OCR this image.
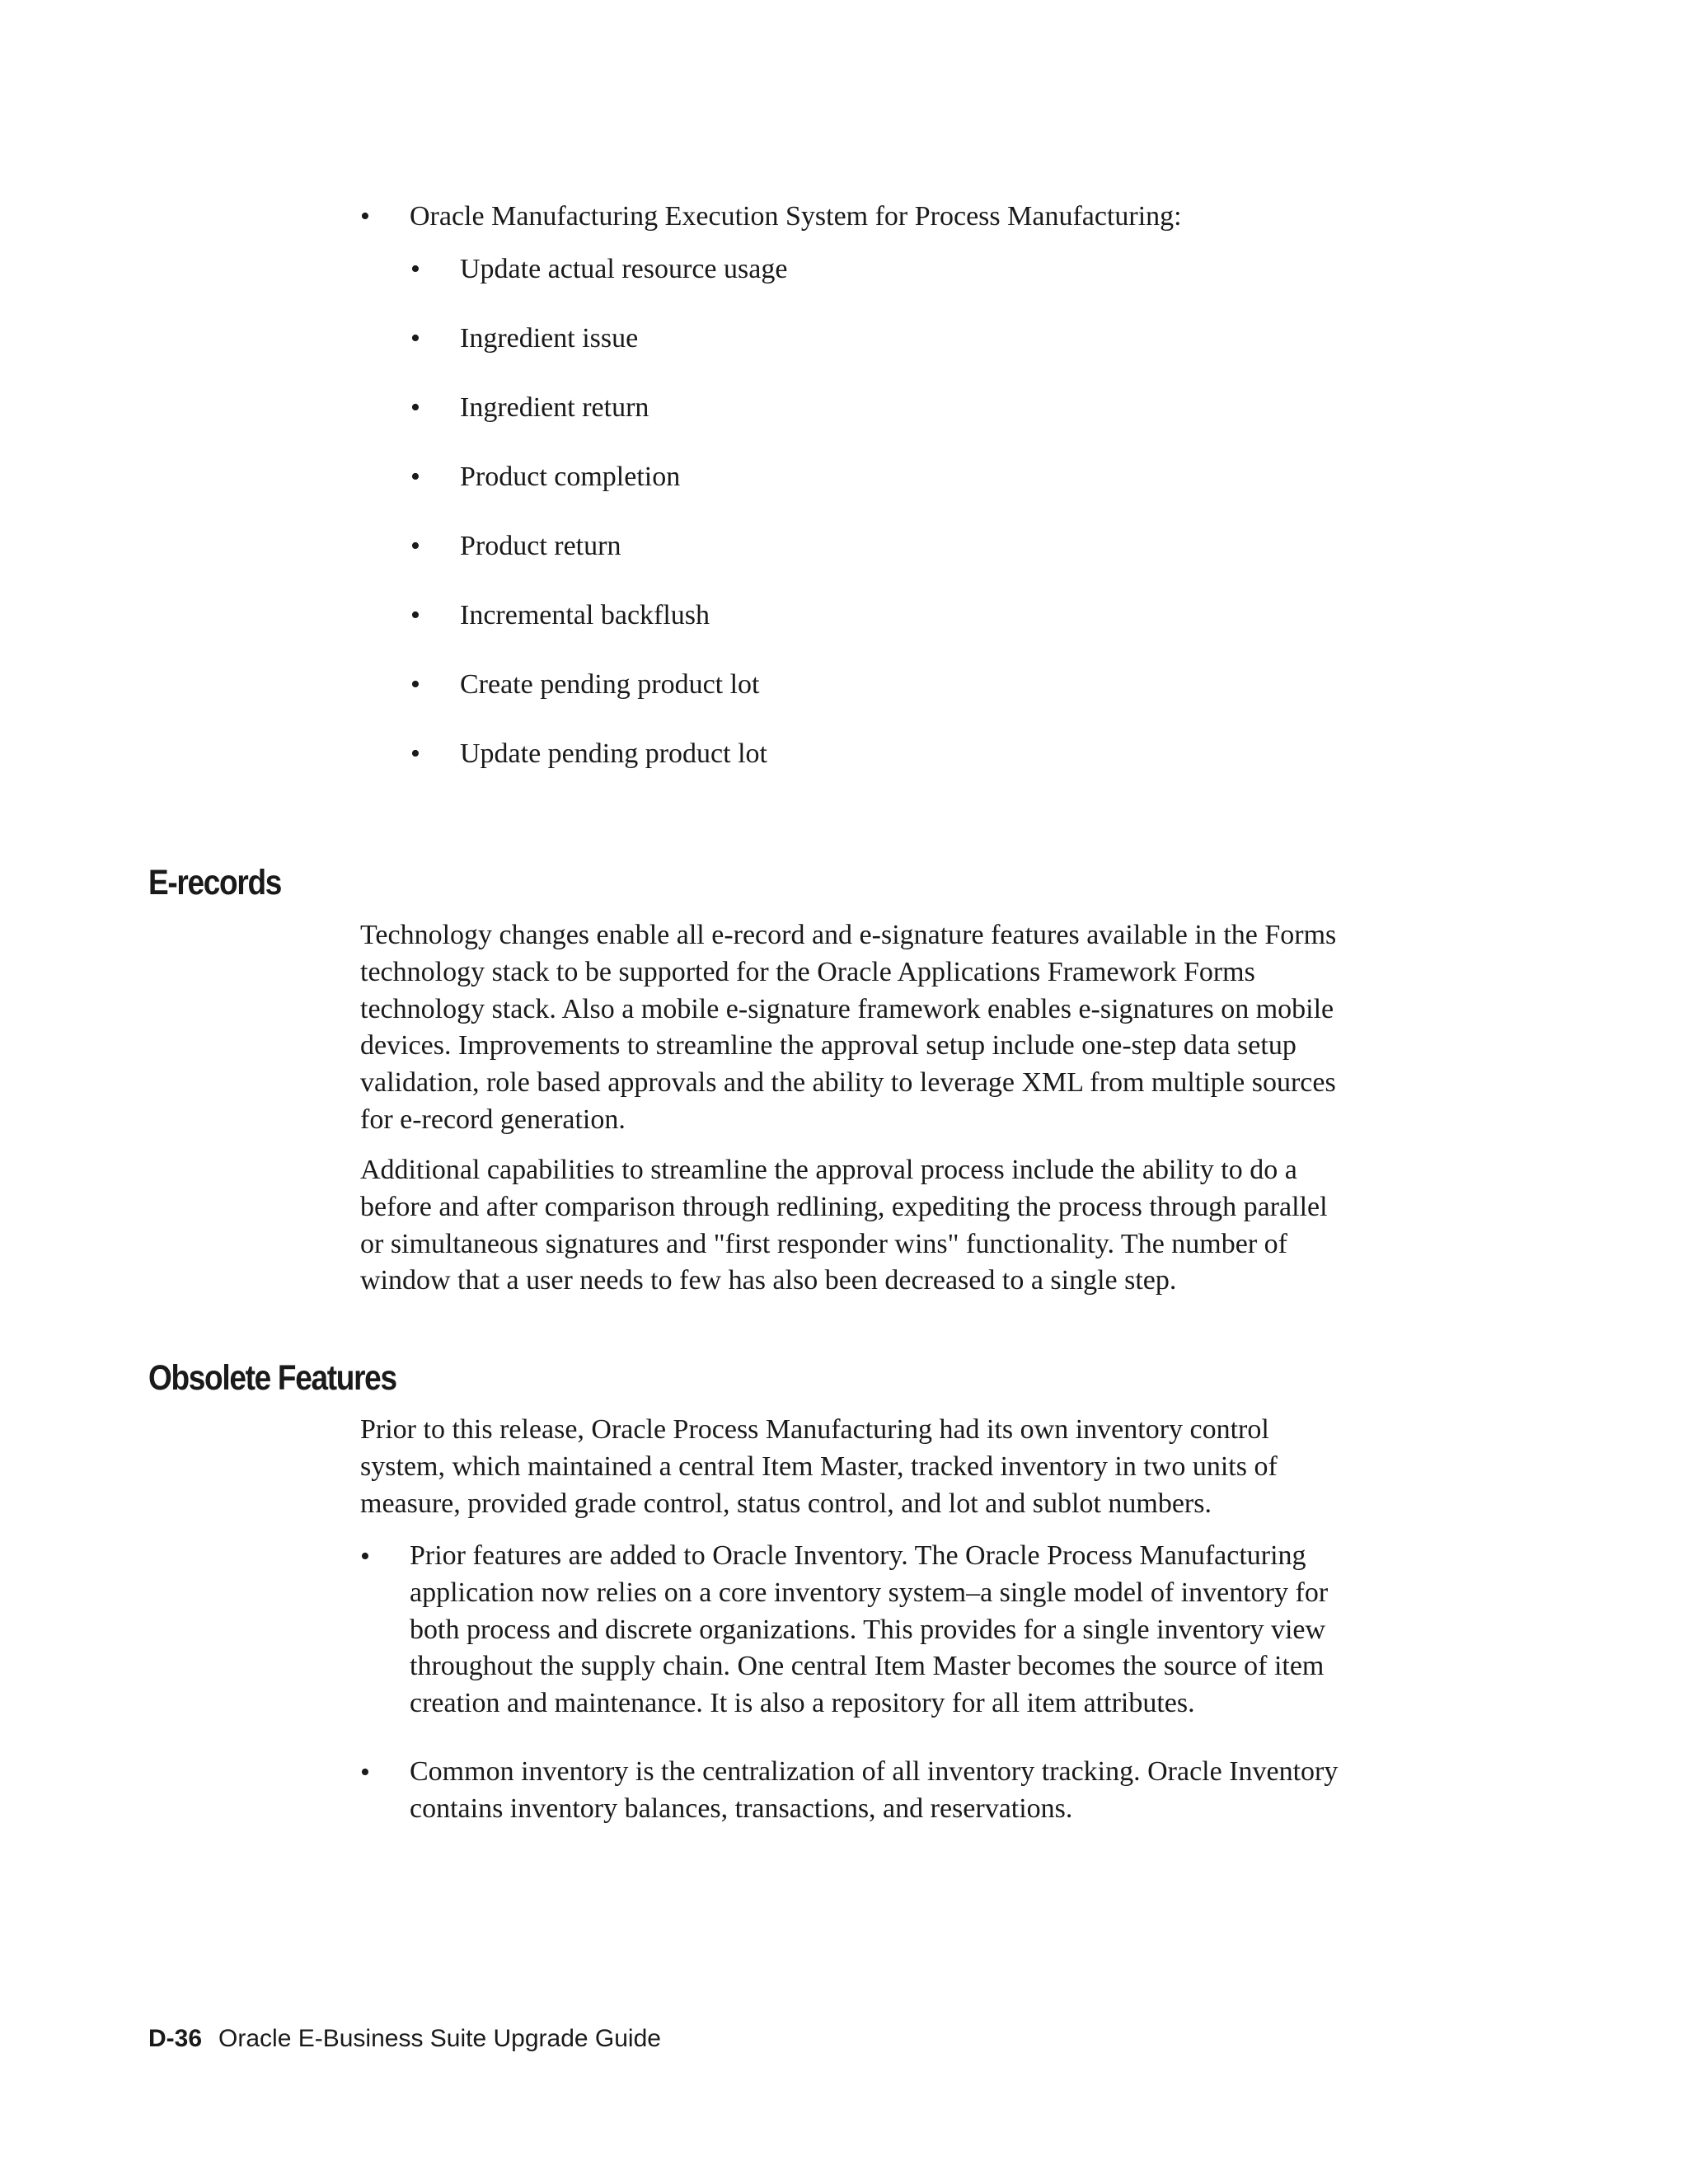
• Oracle Manufacturing Execution System for Process Manufacturing:
• Update actual resource usage
• Ingredient issue
• Ingredient return
• Product completion
• Product return
• Incremental backflush
• Create pending product lot
• Update pending product lot
E-records
Technology changes enable all e-record and e-signature features available in the Forms
technology stack to be supported for the Oracle Applications Framework Forms
technology stack. Also a mobile e-signature framework enables e-signatures on mobile
devices. Improvements to streamline the approval setup include one-step data setup
validation, role based approvals and the ability to leverage XML from multiple sources
for e-record generation.
Additional capabilities to streamline the approval process include the ability to do a
before and after comparison through redlining, expediting the process through parallel
or simultaneous signatures and "first responder wins" functionality. The number of
window that a user needs to few has also been decreased to a single step.
Obsolete Features
Prior to this release, Oracle Process Manufacturing had its own inventory control
system, which maintained a central Item Master, tracked inventory in two units of
measure, provided grade control, status control, and lot and sublot numbers.
• Prior features are added to Oracle Inventory. The Oracle Process Manufacturing
application now relies on a core inventory system–a single model of inventory for
both process and discrete organizations. This provides for a single inventory view
throughout the supply chain. One central Item Master becomes the source of item
creation and maintenance. It is also a repository for all item attributes.
• Common inventory is the centralization of all inventory tracking. Oracle Inventory
contains inventory balances, transactions, and reservations.
D-36 Oracle E-Business Suite Upgrade Guide
